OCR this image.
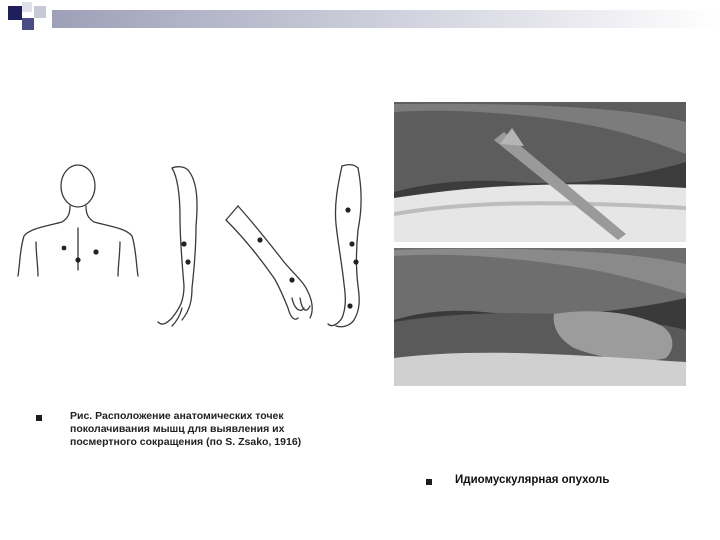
Рис. Расположение анатомических точек
поколачивания мышц для выявления их
посмертного сокращения (по S. Zsako, 1916)
Идиомускулярная опухоль
